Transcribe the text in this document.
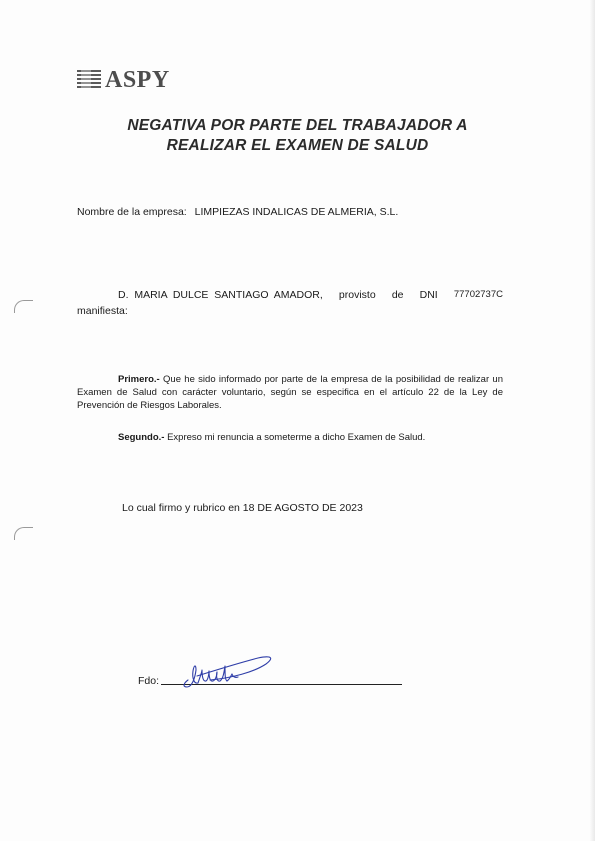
ASPY
NEGATIVA POR PARTE DEL TRABAJADOR A
REALIZAR EL EXAMEN DE SALUD
Nombre de la empresa: LIMPIEZAS INDALICAS DE ALMERIA, S.L.
D.  MARIA  DULCE  SANTIAGO  AMADOR, provisto de DNI 77702737C
manifiesta:
Primero.- Que he sido informado por parte de la empresa de la posibilidad de realizar un Examen de Salud con carácter voluntario, según se especifica en el artículo 22 de la Ley de Prevención de Riesgos Laborales.
Segundo.- Expreso mi renuncia a someterme a dicho Examen de Salud.
Lo cual firmo y rubrico en 18 DE AGOSTO DE 2023
Fdo:
